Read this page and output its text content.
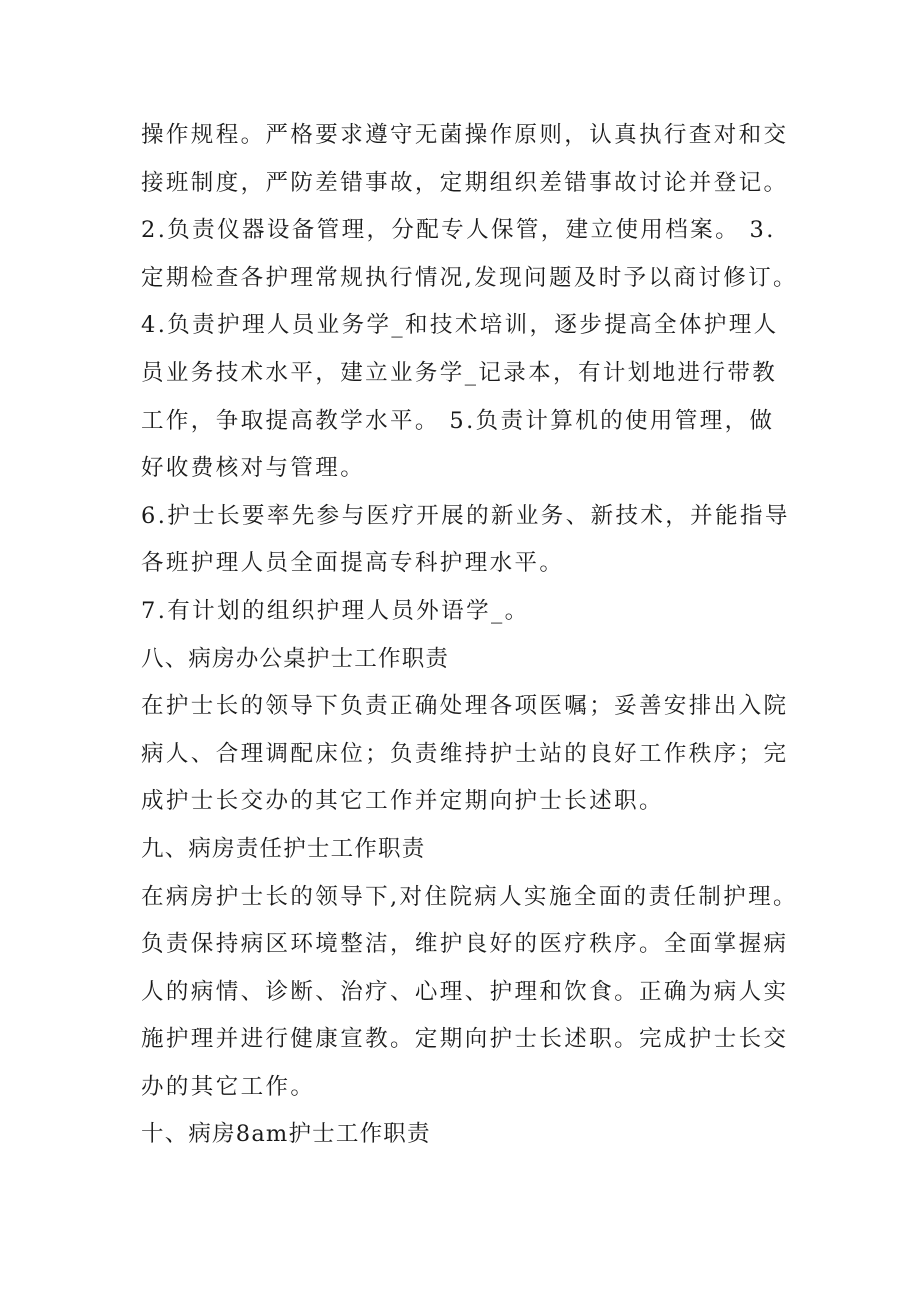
操作规程。严格要求遵守无菌操作原则，认真执行查对和交
接班制度，严防差错事故，定期组织差错事故讨论并登记。
2.负责仪器设备管理，分配专人保管，建立使用档案。 3.
定期检查各护理常规执行情况,发现问题及时予以商讨修订。
4.负责护理人员业务学_和技术培训，逐步提高全体护理人
员业务技术水平，建立业务学_记录本，有计划地进行带教
工作，争取提高教学水平。 5.负责计算机的使用管理，做
好收费核对与管理。
6.护士长要率先参与医疗开展的新业务、新技术，并能指导
各班护理人员全面提高专科护理水平。
7.有计划的组织护理人员外语学_。
八、病房办公桌护士工作职责
在护士长的领导下负责正确处理各项医嘱；妥善安排出入院
病人、合理调配床位；负责维持护士站的良好工作秩序；完
成护士长交办的其它工作并定期向护士长述职。
九、病房责任护士工作职责
在病房护士长的领导下,对住院病人实施全面的责任制护理。
负责保持病区环境整洁，维护良好的医疗秩序。全面掌握病
人的病情、诊断、治疗、心理、护理和饮食。正确为病人实
施护理并进行健康宣教。定期向护士长述职。完成护士长交
办的其它工作。
十、病房8am护士工作职责
